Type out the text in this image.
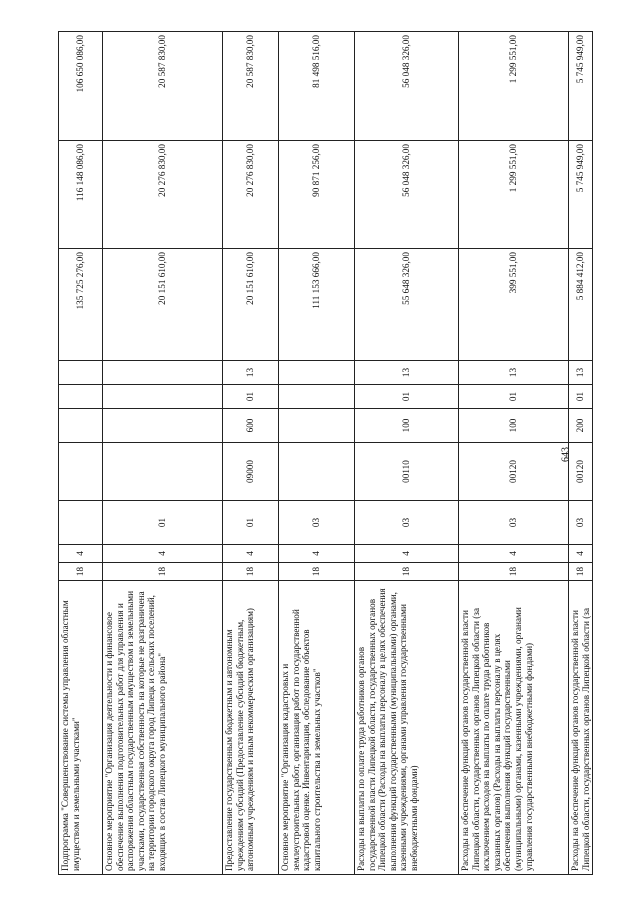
643
Подпрограмма "Совершенствование системы управления областным имуществом и земельными участками"	18	4						135 725 276,00	116 148 086,00	106 650 086,00
Основное мероприятие "Организация деятельности и финансовое обеспечение выполнения подготовительных работ для управления и распоряжения областным государственным имуществом и земельными участками, государственная собственность на которые не разграничена на территории городского округа город Липецк и сельских поселений, входящих в состав Липецкого муниципального района"	18	4	01					20 151 610,00	20 276 830,00	20 587 830,00
Предоставление государственным бюджетным и автономным учреждениям субсидий (Предоставление субсидий бюджетным, автономным учреждениям и иным некоммерческим организациям)	18	4	01	09000	600	01	13	20 151 610,00	20 276 830,00	20 587 830,00
Основное мероприятие "Организация кадастровых и землеустроительных работ, организация работ по государственной кадастровой оценке. Инвентаризация, обследование объектов капитального строительства и земельных участков"	18	4	03					111 153 666,00	90 871 256,00	81 498 516,00
Расходы на выплаты по оплате труда работников органов государственной власти Липецкой области, государственных органов Липецкой области (Расходы на выплаты персоналу в целях обеспечения выполнения функций государственными (муниципальными) органами, казенными учреждениями, органами управления государственными внебюджетными фондами)	18	4	03	00110	100	01	13	55 648 326,00	56 048 326,00	56 048 326,00
Расходы на обеспечение функций органов государственной власти Липецкой области, государственных органов Липецкой области (за исключением расходов на выплаты по оплате труда работников указанных органов) (Расходы на выплаты персоналу в целях обеспечения выполнения функций государственными (муниципальными) органами, казенными учреждениями, органами управления государственными внебюджетными фондами)	18	4	03	00120	100	01	13	399 551,00	1 299 551,00	1 299 551,00
Расходы на обеспечение функций органов государственной власти Липецкой области, государственных органов Липецкой области (за	18	4	03	00120	200	01	13	5 884 412,00	5 745 949,00	5 745 949,00
